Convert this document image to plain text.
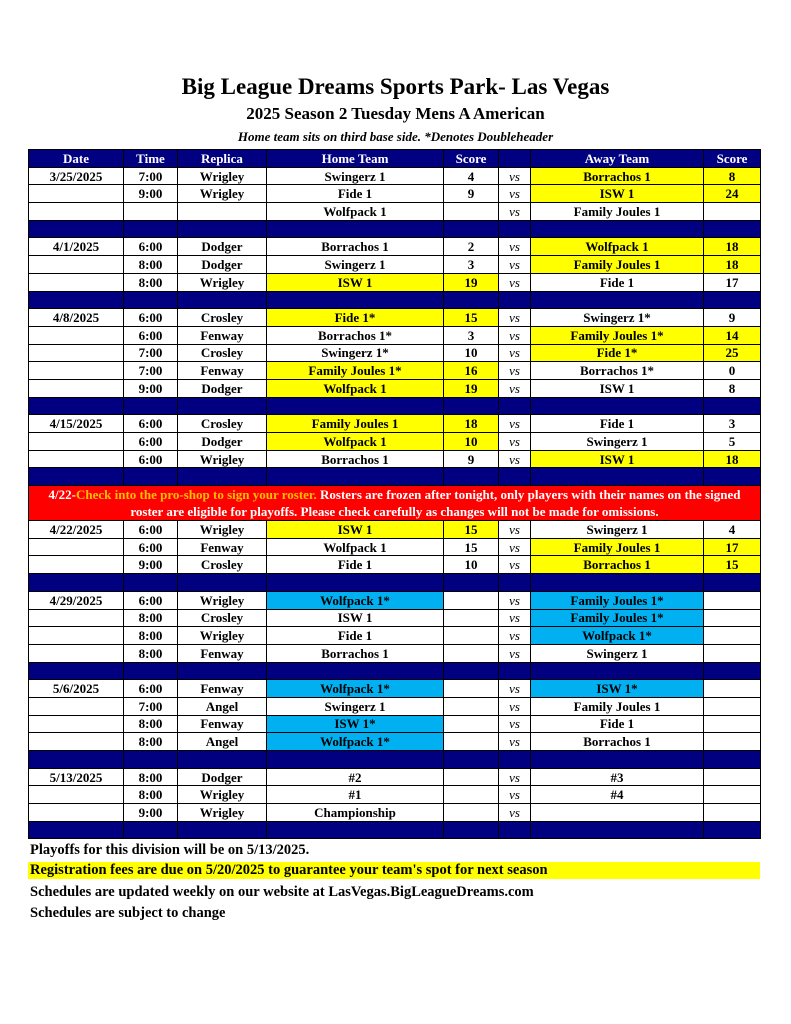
Big League Dreams Sports Park- Las Vegas
2025 Season 2 Tuesday Mens A American
Home team sits on third base side. *Denotes Doubleheader
Date	Time	Replica	Home Team	Score		Away Team	Score
3/25/2025	7:00	Wrigley	Swingerz 1	4	vs	Borrachos 1	8
	9:00	Wrigley	Fide 1	9	vs	ISW 1	24
			Wolfpack 1		vs	Family Joules 1	

4/1/2025	6:00	Dodger	Borrachos 1	2	vs	Wolfpack 1	18
	8:00	Dodger	Swingerz 1	3	vs	Family Joules 1	18
	8:00	Wrigley	ISW 1	19	vs	Fide 1	17

4/8/2025	6:00	Crosley	Fide 1*	15	vs	Swingerz 1*	9
	6:00	Fenway	Borrachos 1*	3	vs	Family Joules 1*	14
	7:00	Crosley	Swingerz 1*	10	vs	Fide 1*	25
	7:00	Fenway	Family Joules 1*	16	vs	Borrachos 1*	0
	9:00	Dodger	Wolfpack 1	19	vs	ISW 1	8

4/15/2025	6:00	Crosley	Family Joules 1	18	vs	Fide 1	3
	6:00	Dodger	Wolfpack 1	10	vs	Swingerz 1	5
	6:00	Wrigley	Borrachos 1	9	vs	ISW 1	18

4/22-Check into the pro-shop to sign your roster. Rosters are frozen after tonight, only players with their names on the signed roster are eligible for playoffs. Please check carefully as changes will not be made for omissions.							
4/22/2025	6:00	Wrigley	ISW 1	15	vs	Swingerz 1	4
	6:00	Fenway	Wolfpack 1	15	vs	Family Joules 1	17
	9:00	Crosley	Fide 1	10	vs	Borrachos 1	15

4/29/2025	6:00	Wrigley	Wolfpack 1*		vs	Family Joules 1*	
	8:00	Crosley	ISW 1		vs	Family Joules 1*	
	8:00	Wrigley	Fide 1		vs	Wolfpack 1*	
	8:00	Fenway	Borrachos 1		vs	Swingerz 1	

5/6/2025	6:00	Fenway	Wolfpack 1*		vs	ISW 1*	
	7:00	Angel	Swingerz 1		vs	Family Joules 1	
	8:00	Fenway	ISW 1*		vs	Fide 1	
	8:00	Angel	Wolfpack 1*		vs	Borrachos 1	

5/13/2025	8:00	Dodger	#2		vs	#3	
	8:00	Wrigley	#1		vs	#4	
	9:00	Wrigley	Championship		vs		

Playoffs for this division will be on 5/13/2025.
Registration fees are due on 5/20/2025 to guarantee your team's spot for next season
Schedules are updated weekly on our website at LasVegas.BigLeagueDreams.com
Schedules are subject to change
